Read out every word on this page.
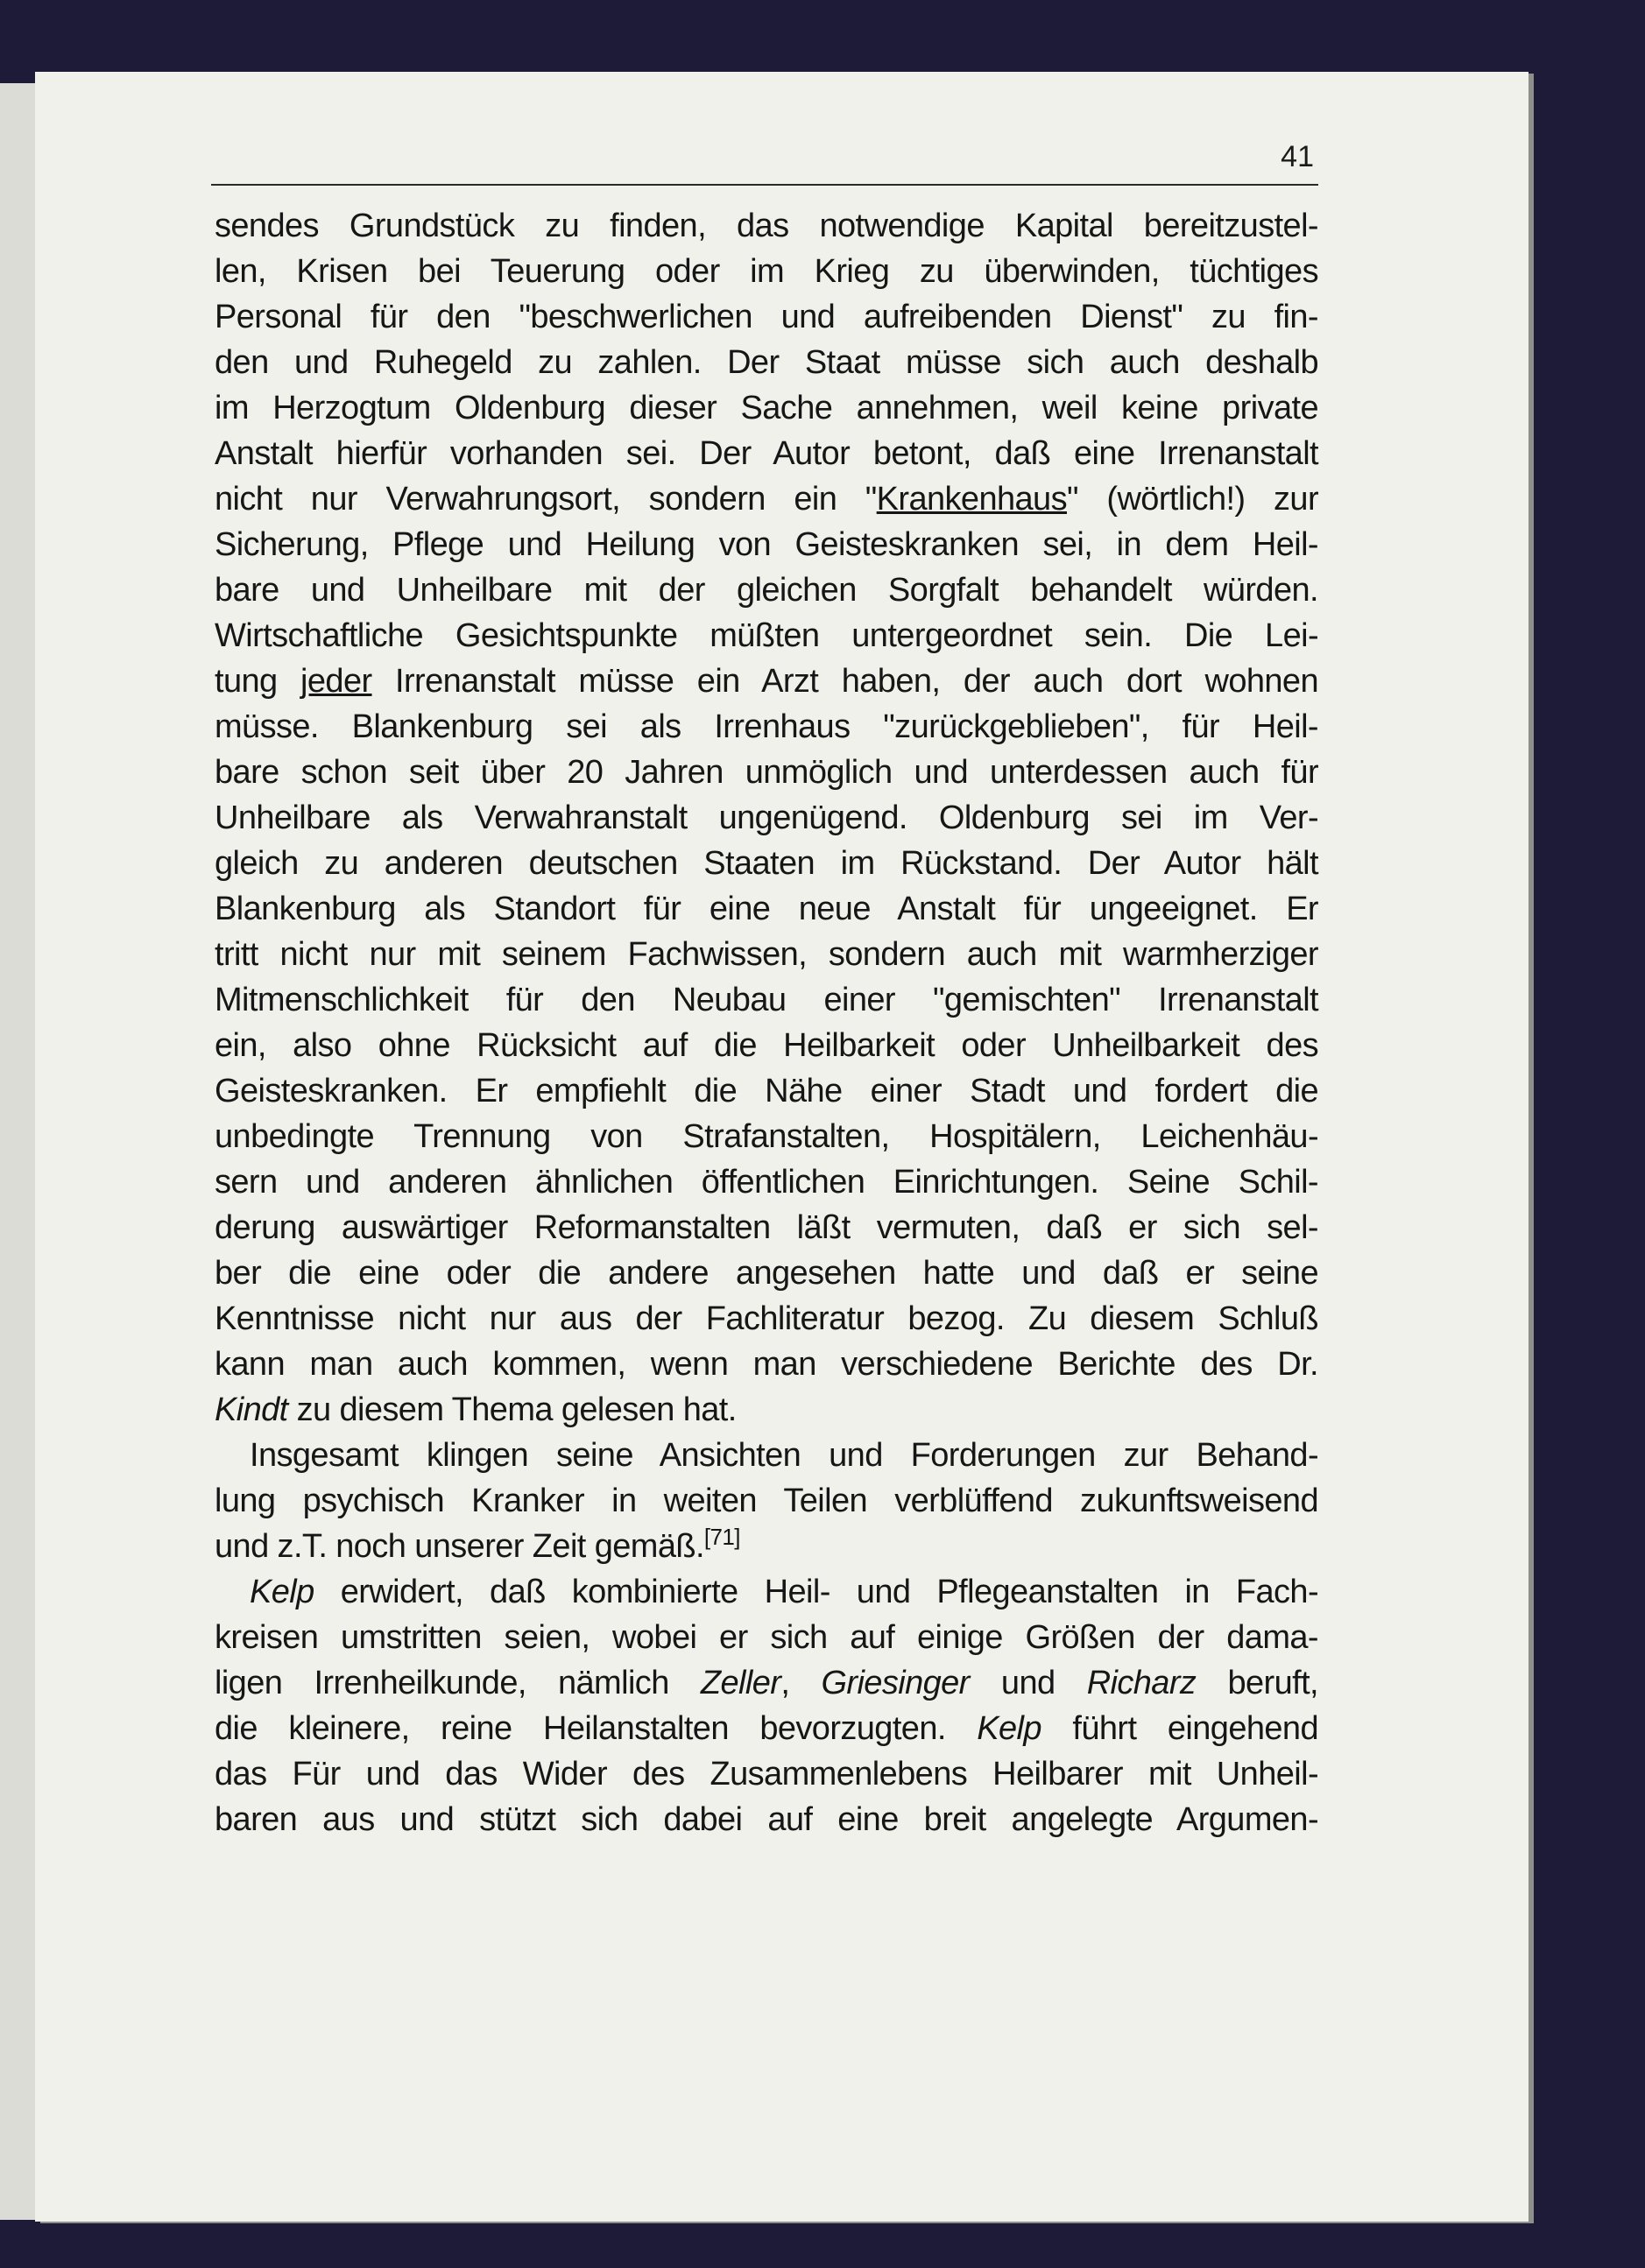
41
sendes Grundstück zu finden, das notwendige Kapital bereitzustel-
len, Krisen bei Teuerung oder im Krieg zu überwinden, tüchtiges
Personal für den "beschwerlichen und aufreibenden Dienst" zu fin-
den und Ruhegeld zu zahlen. Der Staat müsse sich auch deshalb
im Herzogtum Oldenburg dieser Sache annehmen, weil keine private
Anstalt hierfür vorhanden sei. Der Autor betont, daß eine Irrenanstalt
nicht nur Verwahrungsort, sondern ein "Krankenhaus" (wörtlich!) zur
Sicherung, Pflege und Heilung von Geisteskranken sei, in dem Heil-
bare und Unheilbare mit der gleichen Sorgfalt behandelt würden.
Wirtschaftliche Gesichtspunkte müßten untergeordnet sein. Die Lei-
tung jeder Irrenanstalt müsse ein Arzt haben, der auch dort wohnen
müsse. Blankenburg sei als Irrenhaus "zurückgeblieben", für Heil-
bare schon seit über 20 Jahren unmöglich und unterdessen auch für
Unheilbare als Verwahranstalt ungenügend. Oldenburg sei im Ver-
gleich zu anderen deutschen Staaten im Rückstand. Der Autor hält
Blankenburg als Standort für eine neue Anstalt für ungeeignet. Er
tritt nicht nur mit seinem Fachwissen, sondern auch mit warmherziger
Mitmenschlichkeit für den Neubau einer "gemischten" Irrenanstalt
ein, also ohne Rücksicht auf die Heilbarkeit oder Unheilbarkeit des
Geisteskranken. Er empfiehlt die Nähe einer Stadt und fordert die
unbedingte Trennung von Strafanstalten, Hospitälern, Leichenhäu-
sern und anderen ähnlichen öffentlichen Einrichtungen. Seine Schil-
derung auswärtiger Reformanstalten läßt vermuten, daß er sich sel-
ber die eine oder die andere angesehen hatte und daß er seine
Kenntnisse nicht nur aus der Fachliteratur bezog. Zu diesem Schluß
kann man auch kommen, wenn man verschiedene Berichte des Dr.
Kindt zu diesem Thema gelesen hat.
Insgesamt klingen seine Ansichten und Forderungen zur Behand-
lung psychisch Kranker in weiten Teilen verblüffend zukunftsweisend
und z.T. noch unserer Zeit gemäß.[71]
Kelp erwidert, daß kombinierte Heil- und Pflegeanstalten in Fach-
kreisen umstritten seien, wobei er sich auf einige Größen der dama-
ligen Irrenheilkunde, nämlich Zeller, Griesinger und Richarz beruft,
die kleinere, reine Heilanstalten bevorzugten. Kelp führt eingehend
das Für und das Wider des Zusammenlebens Heilbarer mit Unheil-
baren aus und stützt sich dabei auf eine breit angelegte Argumen-
